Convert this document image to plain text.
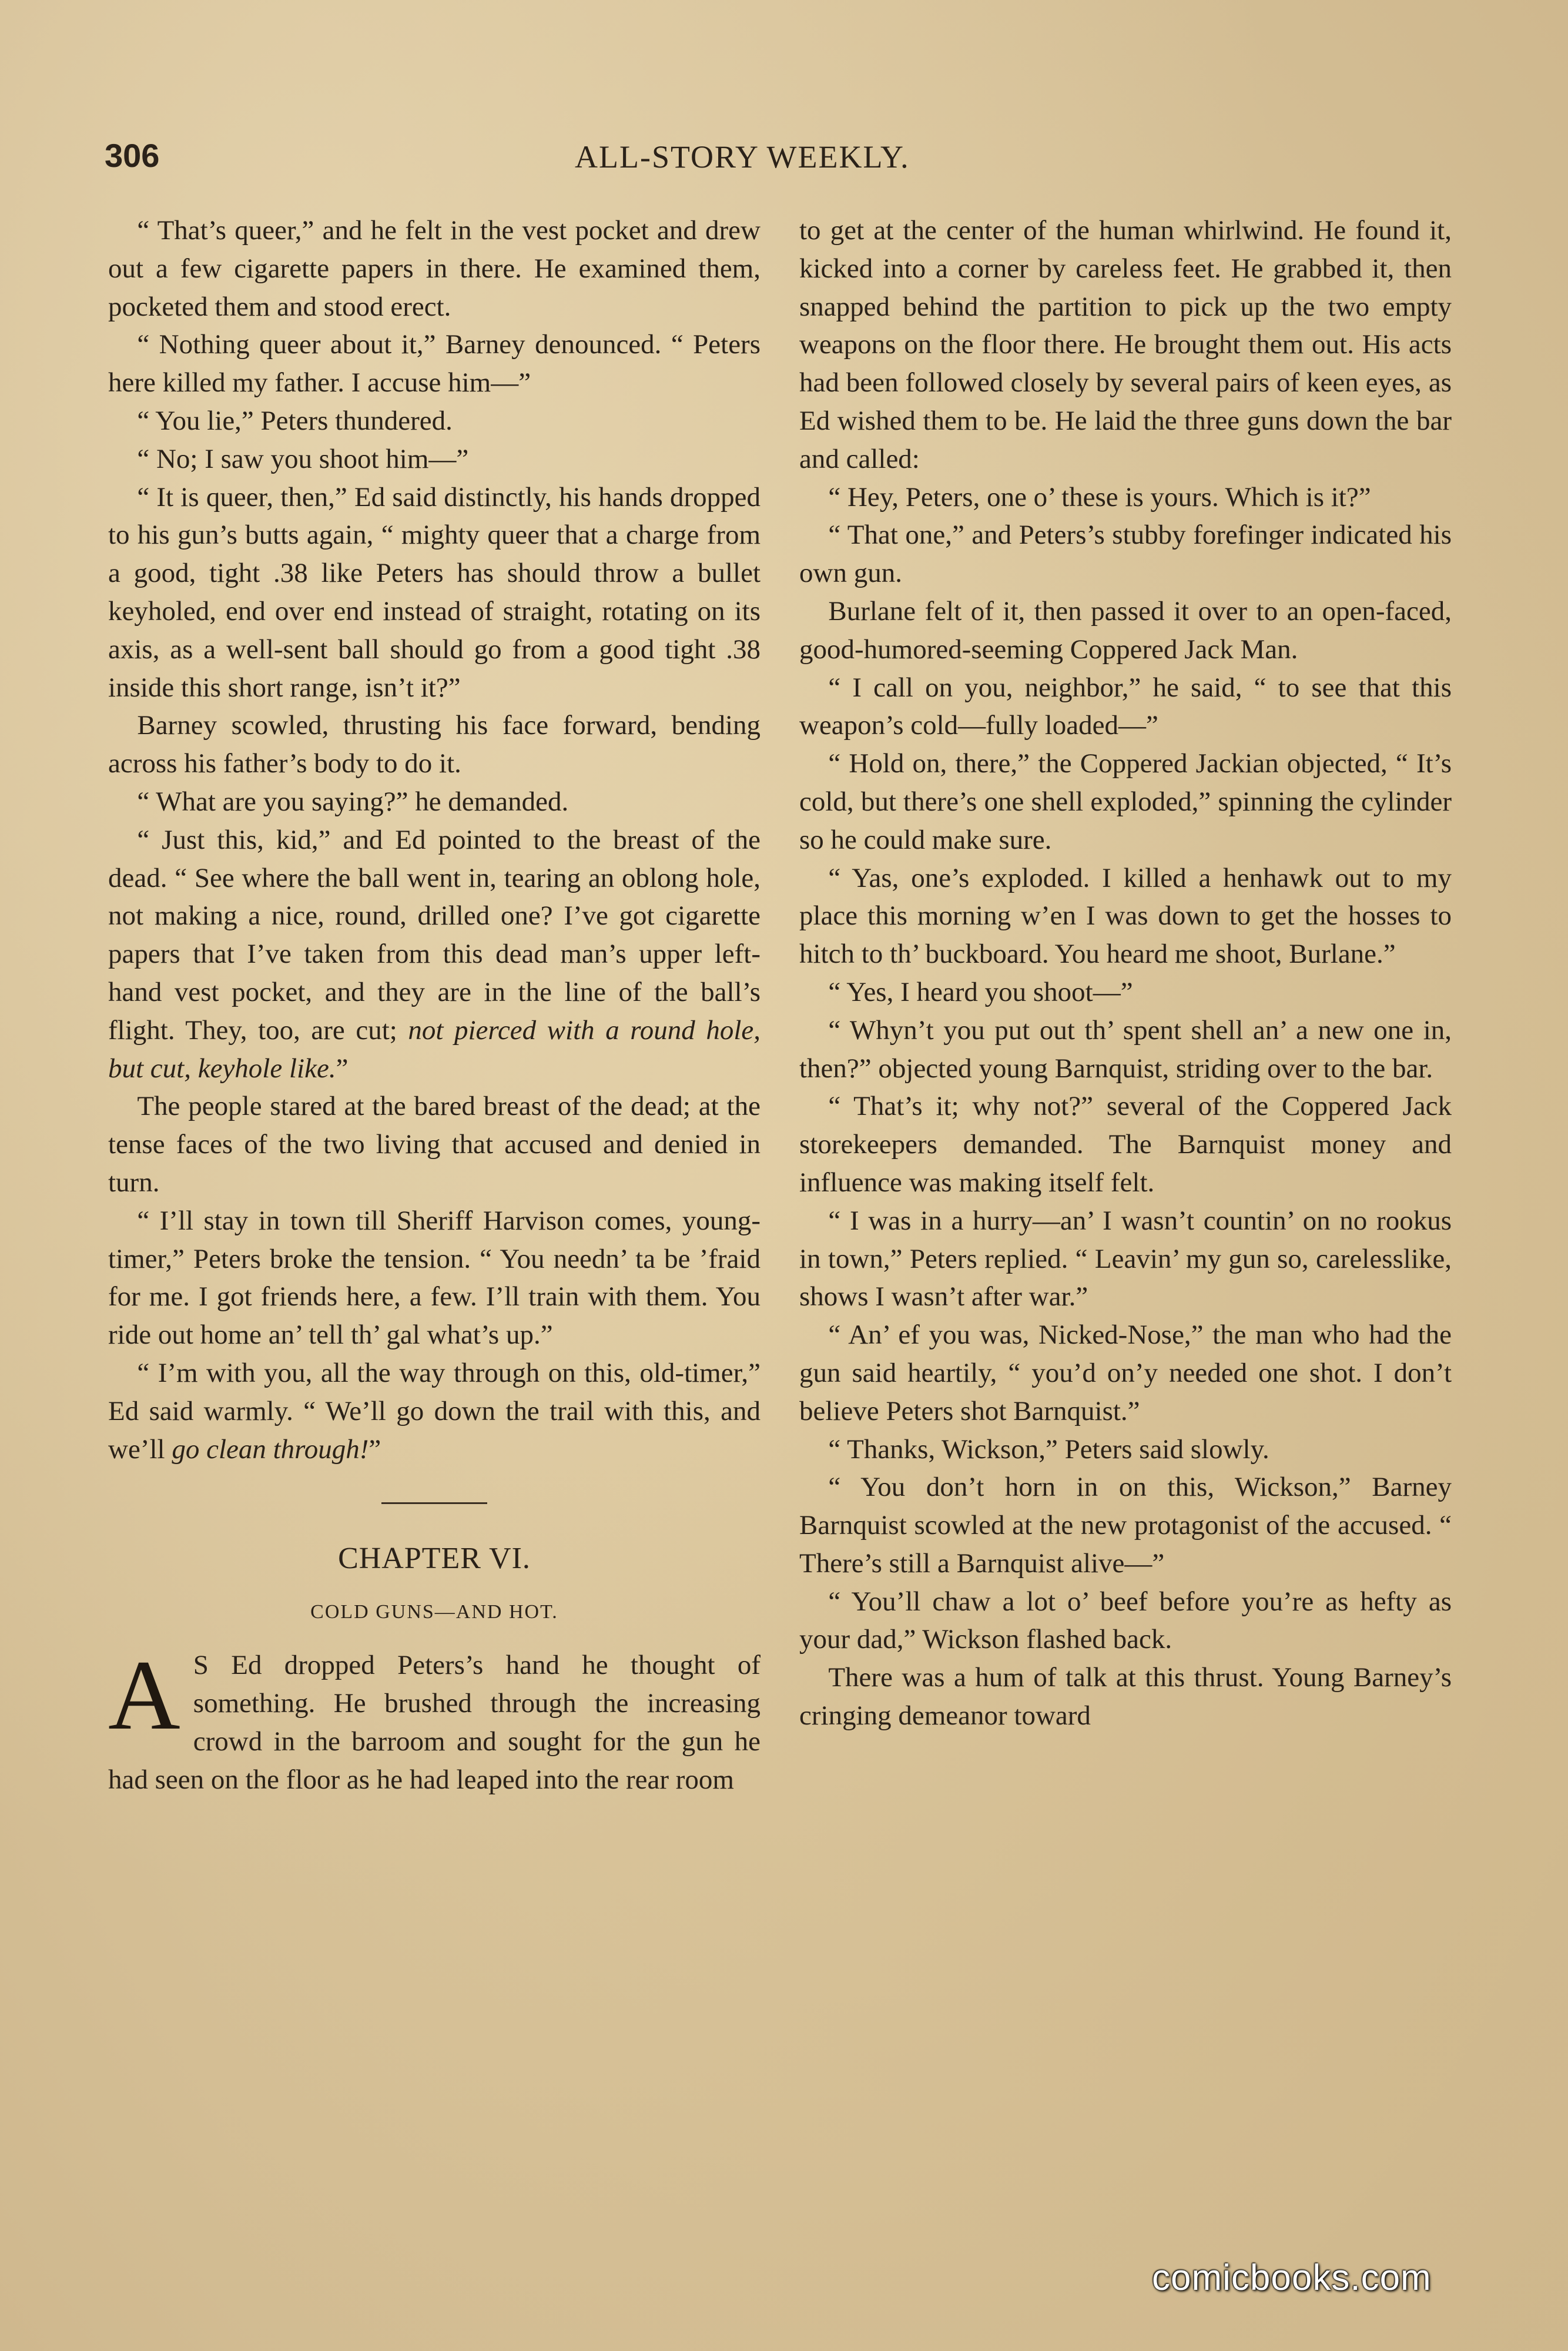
306	ALL-STORY WEEKLY.

“ That’s queer,” and he felt in the vest pocket and drew out a few cigarette papers in there. He examined them, pocketed them and stood erect.

“ Nothing queer about it,” Barney denounced. “ Peters here killed my father. I accuse him—”

“ You lie,” Peters thundered.

“ No; I saw you shoot him—”

“ It is queer, then,” Ed said distinctly, his hands dropped to his gun’s butts again, “ mighty queer that a charge from a good, tight .38 like Peters has should throw a bullet keyholed, end over end instead of straight, rotating on its axis, as a well-sent ball should go from a good tight .38 inside this short range, isn’t it?”

Barney scowled, thrusting his face forward, bending across his father’s body to do it.

“ What are you saying?” he demanded.

“ Just this, kid,” and Ed pointed to the breast of the dead. “ See where the ball went in, tearing an oblong hole, not making a nice, round, drilled one? I’ve got cigarette papers that I’ve taken from this dead man’s upper left-hand vest pocket, and they are in the line of the ball’s flight. They, too, are cut; not pierced with a round hole, but cut, keyhole like.”

The people stared at the bared breast of the dead; at the tense faces of the two living that accused and denied in turn.

“ I’ll stay in town till Sheriff Harvison comes, young-timer,” Peters broke the tension. “ You needn’ ta be ’fraid for me. I got friends here, a few. I’ll train with them. You ride out home an’ tell th’ gal what’s up.”

“ I’m with you, all the way through on this, old-timer,” Ed said warmly. “ We’ll go down the trail with this, and we’ll go clean through!”

CHAPTER VI.
COLD GUNS—AND HOT.

A S Ed dropped Peters’s hand he thought of something. He brushed through the increasing crowd in the barroom and sought for the gun he had seen on the floor as he had leaped into the rear room

to get at the center of the human whirlwind. He found it, kicked into a corner by careless feet. He grabbed it, then snapped behind the partition to pick up the two empty weapons on the floor there. He brought them out. His acts had been followed closely by several pairs of keen eyes, as Ed wished them to be. He laid the three guns down the bar and called:

“ Hey, Peters, one o’ these is yours. Which is it?”

“ That one,” and Peters’s stubby forefinger indicated his own gun.

Burlane felt of it, then passed it over to an open-faced, good-humored-seeming Coppered Jack Man.

“ I call on you, neighbor,” he said, “ to see that this weapon’s cold—fully loaded—”

“ Hold on, there,” the Coppered Jackian objected, “ It’s cold, but there’s one shell exploded,” spinning the cylinder so he could make sure.

“ Yas, one’s exploded. I killed a henhawk out to my place this morning w’en I was down to get the hosses to hitch to th’ buckboard. You heard me shoot, Burlane.”

“ Yes, I heard you shoot—”

“ Whyn’t you put out th’ spent shell an’ a new one in, then?” objected young Barnquist, striding over to the bar.

“ That’s it; why not?” several of the Coppered Jack storekeepers demanded. The Barnquist money and influence was making itself felt.

“ I was in a hurry—an’ I wasn’t countin’ on no rookus in town,” Peters replied. “ Leavin’ my gun so, carelesslike, shows I wasn’t after war.”

“ An’ ef you was, Nicked-Nose,” the man who had the gun said heartily, “ you’d on’y needed one shot. I don’t believe Peters shot Barnquist.”

“ Thanks, Wickson,” Peters said slowly.

“ You don’t horn in on this, Wickson,” Barney Barnquist scowled at the new protagonist of the accused. “ There’s still a Barnquist alive—”

“ You’ll chaw a lot o’ beef before you’re as hefty as your dad,” Wickson flashed back.

There was a hum of talk at this thrust. Young Barney’s cringing demeanor toward

comicbooks.com
